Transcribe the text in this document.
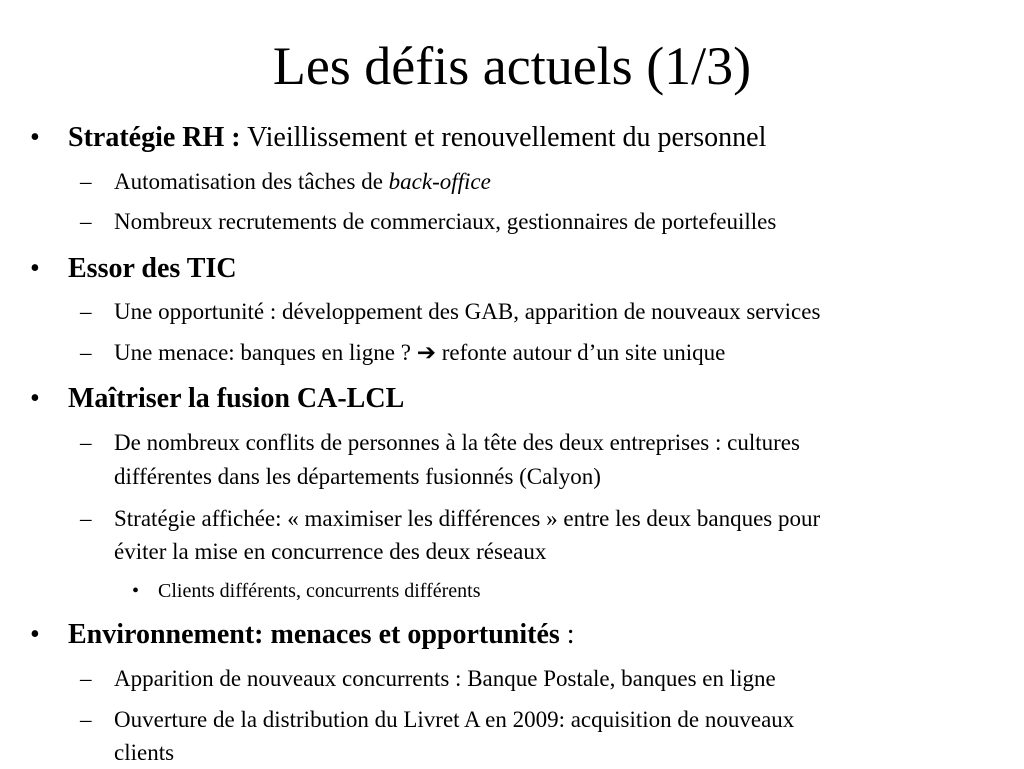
Les défis actuels (1/3)
• Stratégie RH : Vieillissement et renouvellement du personnel
– Automatisation des tâches de back-office
– Nombreux recrutements de commerciaux, gestionnaires de portefeuilles
• Essor des TIC
– Une opportunité : développement des GAB, apparition de nouveaux services
– Une menace: banques en ligne ? ➔ refonte autour d’un site unique
• Maîtriser la fusion CA-LCL
– De nombreux conflits de personnes à la tête des deux entreprises : cultures
différentes dans les départements fusionnés (Calyon)
– Stratégie affichée: « maximiser les différences » entre les deux banques pour
éviter la mise en concurrence des deux réseaux
• Clients différents, concurrents différents
• Environnement: menaces et opportunités :
– Apparition de nouveaux concurrents : Banque Postale, banques en ligne
– Ouverture de la distribution du Livret A en 2009: acquisition de nouveaux
clients
